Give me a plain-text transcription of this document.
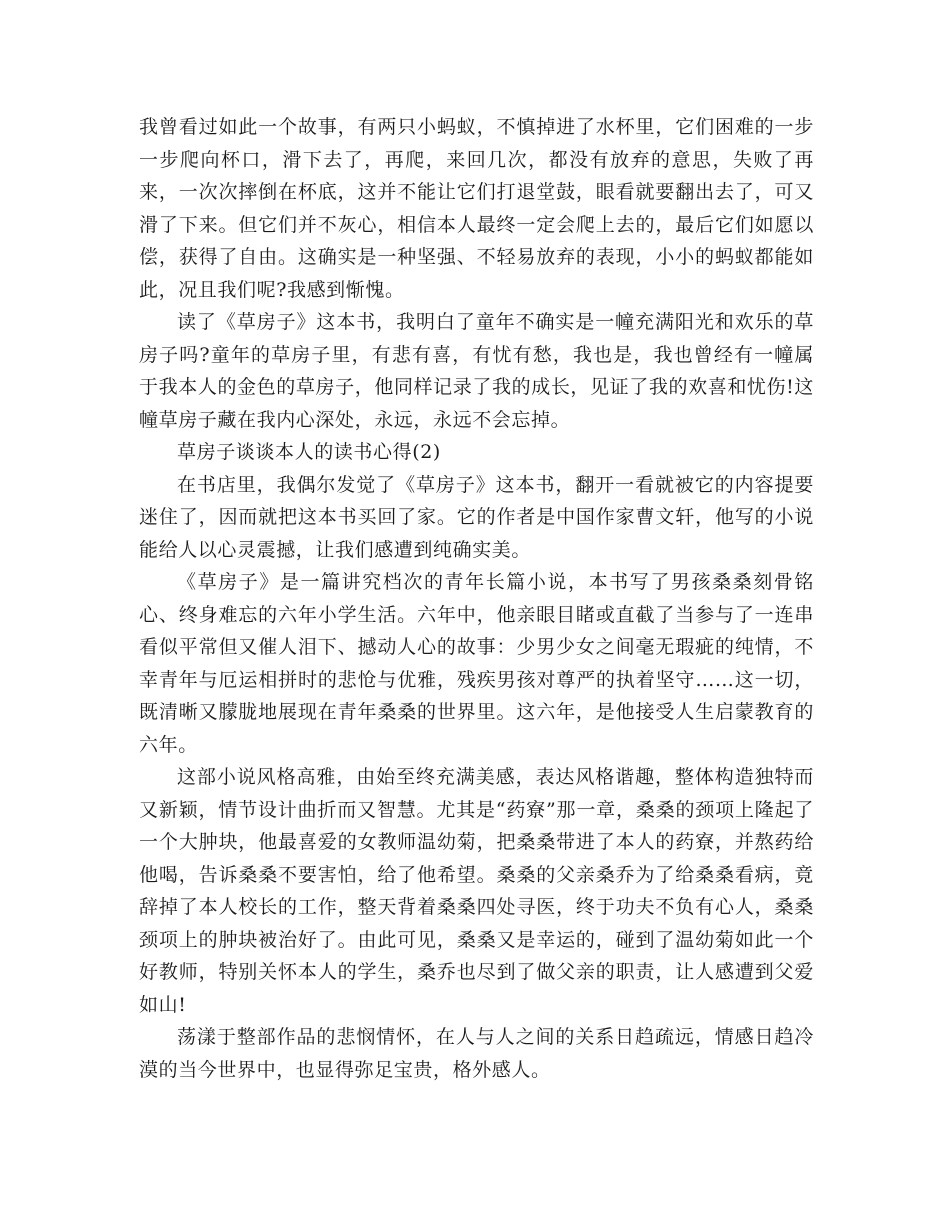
我曾看过如此一个故事，有两只小蚂蚁，不慎掉进了水杯里，它们困难的一步一步爬向杯口，滑下去了，再爬，来回几次，都没有放弃的意思，失败了再来，一次次摔倒在杯底，这并不能让它们打退堂鼓，眼看就要翻出去了，可又滑了下来。但它们并不灰心，相信本人最终一定会爬上去的，最后它们如愿以偿，获得了自由。这确实是一种坚强、不轻易放弃的表现，小小的蚂蚁都能如此，况且我们呢?我感到惭愧。

读了《草房子》这本书，我明白了童年不确实是一幢充满阳光和欢乐的草房子吗?童年的草房子里，有悲有喜，有忧有愁，我也是，我也曾经有一幢属于我本人的金色的草房子，他同样记录了我的成长，见证了我的欢喜和忧伤!这幢草房子藏在我内心深处，永远，永远不会忘掉。

草房子谈谈本人的读书心得(2)

在书店里，我偶尔发觉了《草房子》这本书，翻开一看就被它的内容提要迷住了，因而就把这本书买回了家。它的作者是中国作家曹文轩，他写的小说能给人以心灵震撼，让我们感遭到纯确实美。

《草房子》是一篇讲究档次的青年长篇小说，本书写了男孩桑桑刻骨铭心、终身难忘的六年小学生活。六年中，他亲眼目睹或直截了当参与了一连串看似平常但又催人泪下、撼动人心的故事：少男少女之间毫无瑕疵的纯情，不幸青年与厄运相拼时的悲怆与优雅，残疾男孩对尊严的执着坚守……这一切，既清晰又朦胧地展现在青年桑桑的世界里。这六年，是他接受人生启蒙教育的六年。

这部小说风格高雅，由始至终充满美感，表达风格谐趣，整体构造独特而又新颖，情节设计曲折而又智慧。尤其是“药寮”那一章，桑桑的颈项上隆起了一个大肿块，他最喜爱的女教师温幼菊，把桑桑带进了本人的药寮，并熬药给他喝，告诉桑桑不要害怕，给了他希望。桑桑的父亲桑乔为了给桑桑看病，竟辞掉了本人校长的工作，整天背着桑桑四处寻医，终于功夫不负有心人，桑桑颈项上的肿块被治好了。由此可见，桑桑又是幸运的，碰到了温幼菊如此一个好教师，特别关怀本人的学生，桑乔也尽到了做父亲的职责，让人感遭到父爱如山!

荡漾于整部作品的悲悯情怀，在人与人之间的关系日趋疏远，情感日趋冷漠的当今世界中，也显得弥足宝贵，格外感人。
